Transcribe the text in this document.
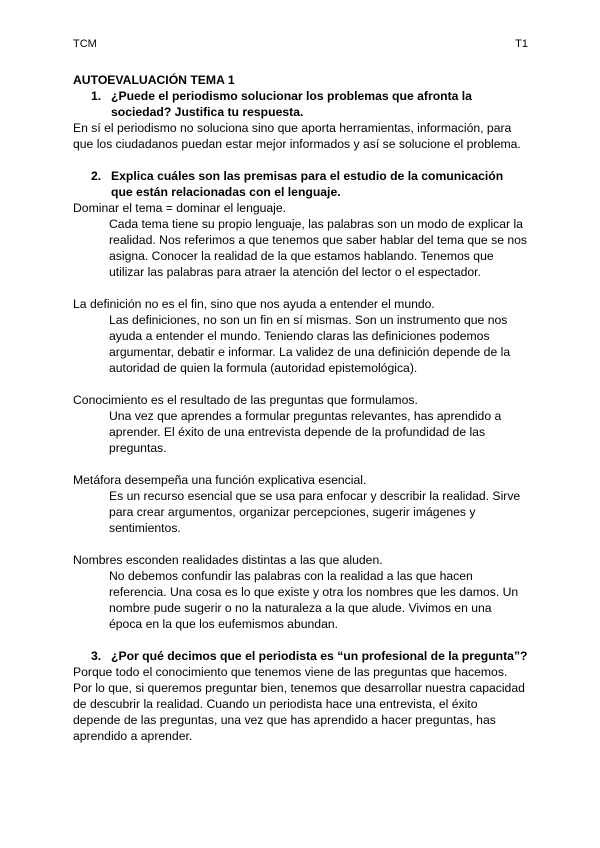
TCM	T1
AUTOEVALUACIÓN TEMA 1
1. ¿Puede el periodismo solucionar los problemas que afronta la sociedad? Justifica tu respuesta.

En sí el periodismo no soluciona sino que aporta herramientas, información, para que los ciudadanos puedan estar mejor informados y así se solucione el problema.

2. Explica cuáles son las premisas para el estudio de la comunicación que están relacionadas con el lenguaje.

Dominar el tema = dominar el lenguaje.

Cada tema tiene su propio lenguaje, las palabras son un modo de explicar la realidad. Nos referimos a que tenemos que saber hablar del tema que se nos asigna. Conocer la realidad de la que estamos hablando. Tenemos que utilizar las palabras para atraer la atención del lector o el espectador.

La definición no es el fin, sino que nos ayuda a entender el mundo.

Las definiciones, no son un fin en sí mismas. Son un instrumento que nos ayuda a entender el mundo. Teniendo claras las definiciones podemos argumentar, debatir e informar. La validez de una definición depende de la autoridad de quien la formula (autoridad epistemológica).

Conocimiento es el resultado de las preguntas que formulamos.

Una vez que aprendes a formular preguntas relevantes, has aprendido a aprender. El éxito de una entrevista depende de la profundidad de las preguntas.

Metáfora desempeña una función explicativa esencial.

Es un recurso esencial que se usa para enfocar y describir la realidad. Sirve para crear argumentos, organizar percepciones, sugerir imágenes y sentimientos.

Nombres esconden realidades distintas a las que aluden.

No debemos confundir las palabras con la realidad a las que hacen referencia. Una cosa es lo que existe y otra los nombres que les damos. Un nombre pude sugerir o no la naturaleza a la que alude. Vivimos en una época en la que los eufemismos abundan.

3. ¿Por qué decimos que el periodista es “un profesional de la pregunta”?

Porque todo el conocimiento que tenemos viene de las preguntas que hacemos. Por lo que, si queremos preguntar bien, tenemos que desarrollar nuestra capacidad de descubrir la realidad. Cuando un periodista hace una entrevista, el éxito depende de las preguntas, una vez que has aprendido a hacer preguntas, has aprendido a aprender.
